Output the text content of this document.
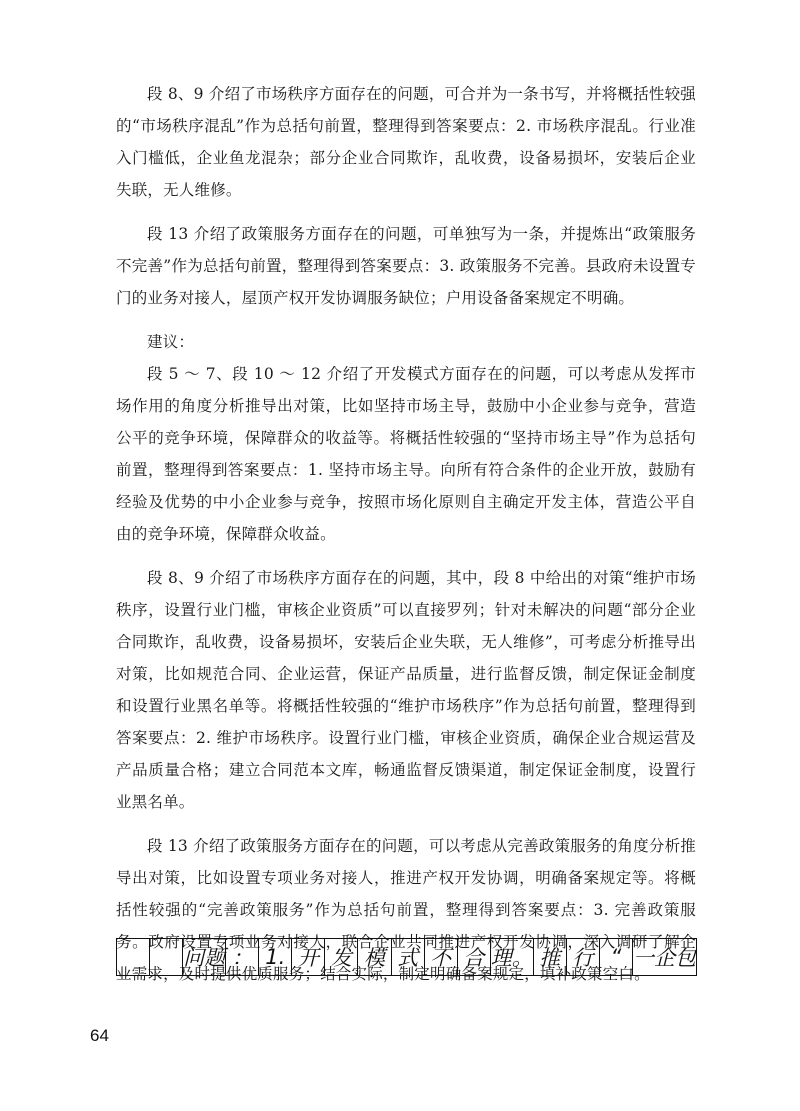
段 8、9 介绍了市场秩序方面存在的问题，可合并为一条书写，并将概括性较强的“市场秩序混乱”作为总括句前置，整理得到答案要点：2. 市场秩序混乱。行业准入门槛低，企业鱼龙混杂；部分企业合同欺诈，乱收费，设备易损坏，安装后企业失联，无人维修。

段 13 介绍了政策服务方面存在的问题，可单独写为一条，并提炼出“政策服务不完善”作为总括句前置，整理得到答案要点：3. 政策服务不完善。县政府未设置专门的业务对接人，屋顶产权开发协调服务缺位；户用设备备案规定不明确。

建议：

段 5 ～ 7、段 10 ～ 12 介绍了开发模式方面存在的问题，可以考虑从发挥市场作用的角度分析推导出对策，比如坚持市场主导，鼓励中小企业参与竞争，营造公平的竞争环境，保障群众的收益等。将概括性较强的“坚持市场主导”作为总括句前置，整理得到答案要点：1. 坚持市场主导。向所有符合条件的企业开放，鼓励有经验及优势的中小企业参与竞争，按照市场化原则自主确定开发主体，营造公平自由的竞争环境，保障群众收益。

段 8、9 介绍了市场秩序方面存在的问题，其中，段 8 中给出的对策“维护市场秩序，设置行业门槛，审核企业资质”可以直接罗列；针对未解决的问题“部分企业合同欺诈，乱收费，设备易损坏，安装后企业失联，无人维修”，可考虑分析推导出对策，比如规范合同、企业运营，保证产品质量，进行监督反馈，制定保证金制度和设置行业黑名单等。将概括性较强的“维护市场秩序”作为总括句前置，整理得到答案要点：2. 维护市场秩序。设置行业门槛，审核企业资质，确保企业合规运营及产品质量合格；建立合同范本文库，畅通监督反馈渠道，制定保证金制度，设置行业黑名单。

段 13 介绍了政策服务方面存在的问题，可以考虑从完善政策服务的角度分析推导出对策，比如设置专项业务对接人，推进产权开发协调，明确备案规定等。将概括性较强的“完善政策服务”作为总括句前置，整理得到答案要点：3. 完善政策服务。政府设置专项业务对接人，联合企业共同推进产权开发协调，深入调研了解企业需求，及时提供优质服务；结合实际，制定明确备案规定，填补政策空白。

问 题 ： 1 . 开 发 模 式 不 合 理 。 推 行 “ 一 企 包
64
